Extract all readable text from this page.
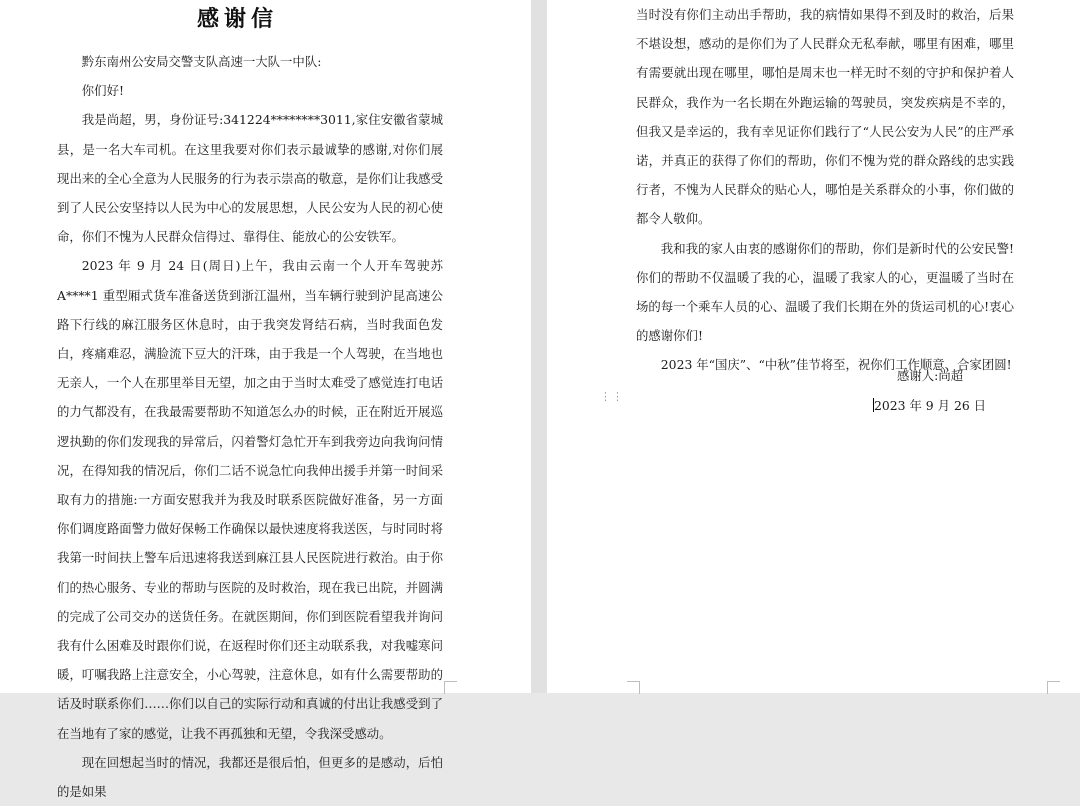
感谢信

黔东南州公安局交警支队高速一大队一中队:

你们好!

我是尚超，男，身份证号:341224********3011,家住安徽省蒙城县，是一名大车司机。在这里我要对你们表示最诚挚的感谢,对你们展现出来的全心全意为人民服务的行为表示崇高的敬意，是你们让我感受到了人民公安坚持以人民为中心的发展思想，人民公安为人民的初心使命，你们不愧为人民群众信得过、靠得住、能放心的公安铁军。

2023 年 9 月 24 日(周日)上午，我由云南一个人开车驾驶苏 A****1 重型厢式货车准备送货到浙江温州，当车辆行驶到沪昆高速公路下行线的麻江服务区休息时，由于我突发肾结石病，当时我面色发白，疼痛难忍，满脸流下豆大的汗珠，由于我是一个人驾驶，在当地也无亲人，一个人在那里举目无望，加之由于当时太难受了感觉连打电话的力气都没有，在我最需要帮助不知道怎么办的时候，正在附近开展巡逻执勤的你们发现我的异常后，闪着警灯急忙开车到我旁边向我询问情况，在得知我的情况后，你们二话不说急忙向我伸出援手并第一时间采取有力的措施:一方面安慰我并为我及时联系医院做好准备，另一方面你们调度路面警力做好保畅工作确保以最快速度将我送医，与时同时将我第一时间扶上警车后迅速将我送到麻江县人民医院进行救治。由于你们的热心服务、专业的帮助与医院的及时救治，现在我已出院，并圆满的完成了公司交办的送货任务。在就医期间，你们到医院看望我并询问我有什么困难及时跟你们说，在返程时你们还主动联系我，对我嘘寒问暖，叮嘱我路上注意安全，小心驾驶，注意休息，如有什么需要帮助的话及时联系你们……你们以自己的实际行动和真诚的付出让我感受到了在当地有了家的感觉，让我不再孤独和无望，令我深受感动。

现在回想起当时的情况，我都还是很后怕，但更多的是感动，后怕的是如果

当时没有你们主动出手帮助，我的病情如果得不到及时的救治，后果不堪设想，感动的是你们为了人民群众无私奉献，哪里有困难，哪里有需要就出现在哪里，哪怕是周末也一样无时不刻的守护和保护着人民群众，我作为一名长期在外跑运输的驾驶员，突发疾病是不幸的，但我又是幸运的，我有幸见证你们践行了“人民公安为人民”的庄严承诺，并真正的获得了你们的帮助，你们不愧为党的群众路线的忠实践行者，不愧为人民群众的贴心人，哪怕是关系群众的小事，你们做的都令人敬仰。

我和我的家人由衷的感谢你们的帮助，你们是新时代的公安民警!你们的帮助不仅温暖了我的心，温暖了我家人的心，更温暖了当时在场的每一个乘车人员的心、温暖了我们长期在外的货运司机的心!衷心的感谢你们!

2023 年“国庆”、“中秋”佳节将至，祝你们工作顺意、合家团圆!

感谢人:尚超
2023 年 9 月 26 日
⋮⋮
